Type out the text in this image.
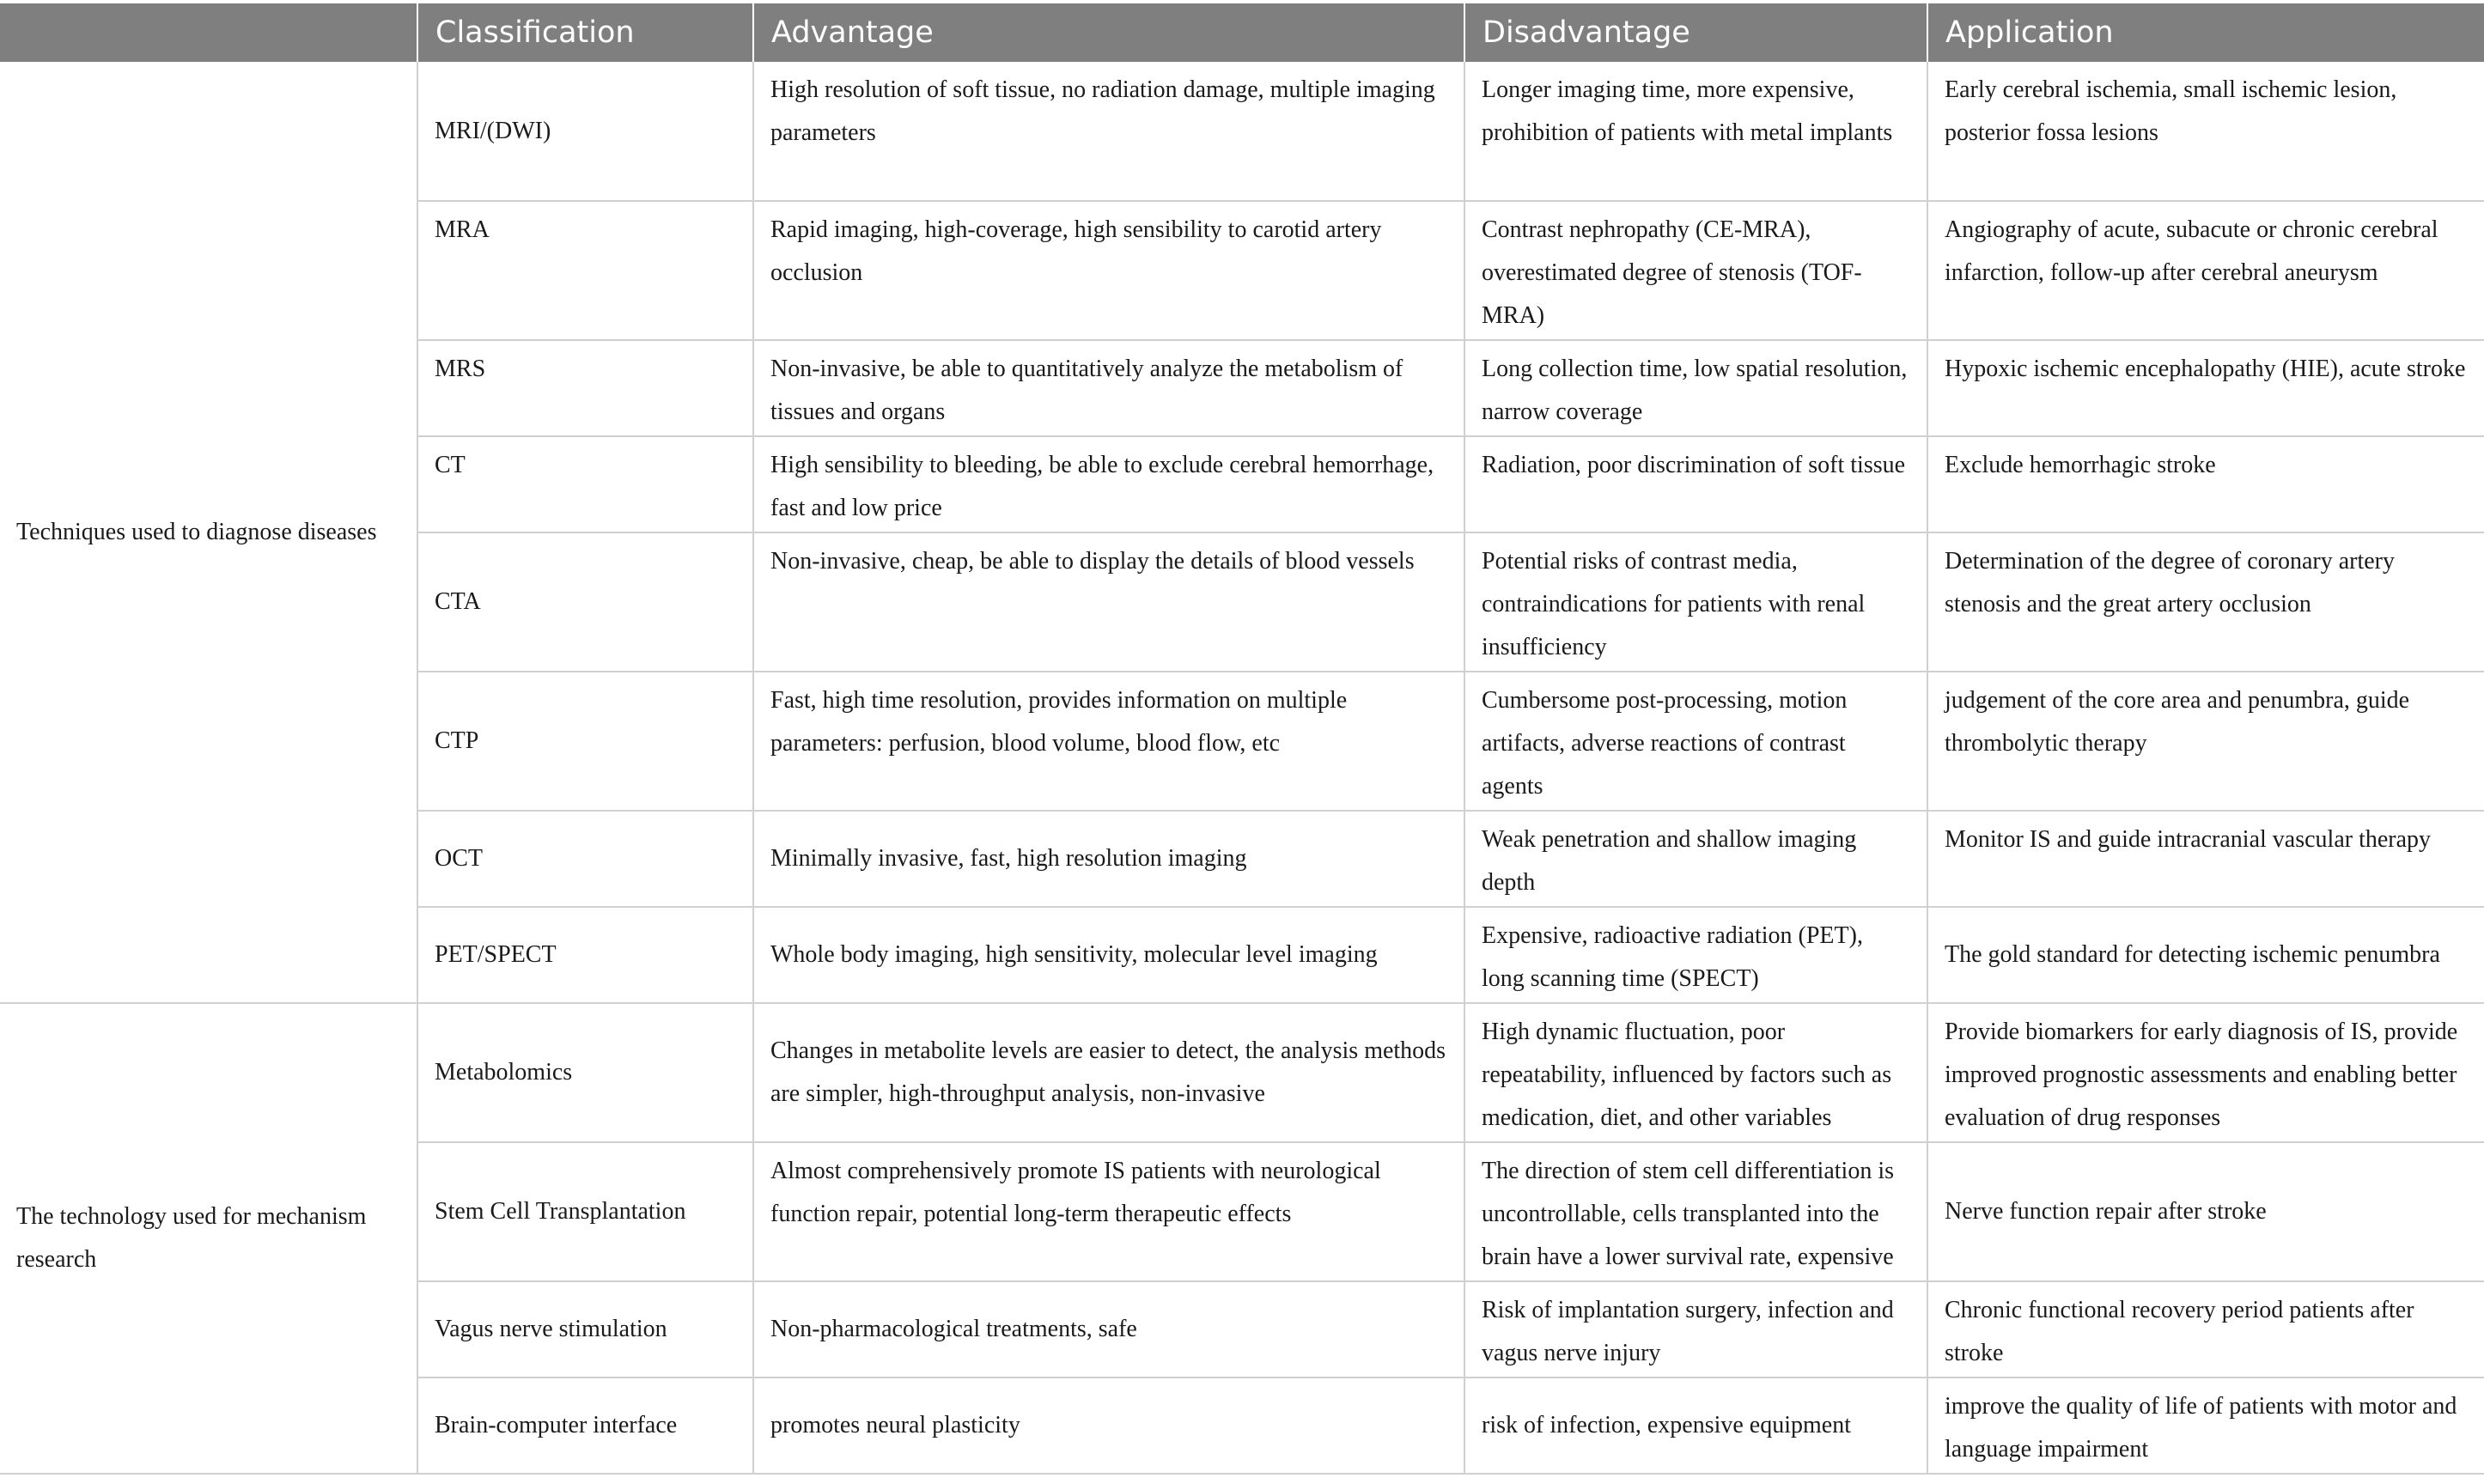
	Classification	Advantage	Disadvantage	Application
Techniques used to diagnose diseases	MRI/(DWI)	High resolution of soft tissue, no radiation damage, multiple imaging parameters	Longer imaging time, more expensive, prohibition of patients with metal implants	Early cerebral ischemia, small ischemic lesion, posterior fossa lesions
	MRA	Rapid imaging, high-coverage, high sensibility to carotid artery occlusion	Contrast nephropathy (CE-MRA), overestimated degree of stenosis (TOF-MRA)	Angiography of acute, subacute or chronic cerebral infarction, follow-up after cerebral aneurysm
	MRS	Non-invasive, be able to quantitatively analyze the metabolism of tissues and organs	Long collection time, low spatial resolution, narrow coverage	Hypoxic ischemic encephalopathy (HIE), acute stroke
	CT	High sensibility to bleeding, be able to exclude cerebral hemorrhage, fast and low price	Radiation, poor discrimination of soft tissue	Exclude hemorrhagic stroke
	CTA	Non-invasive, cheap, be able to display the details of blood vessels	Potential risks of contrast media, contraindications for patients with renal insufficiency	Determination of the degree of coronary artery stenosis and the great artery occlusion
	CTP	Fast, high time resolution, provides information on multiple parameters: perfusion, blood volume, blood flow, etc	Cumbersome post-processing, motion artifacts, adverse reactions of contrast agents	judgement of the core area and penumbra, guide thrombolytic therapy
	OCT	Minimally invasive, fast, high resolution imaging	Weak penetration and shallow imaging depth	Monitor IS and guide intracranial vascular therapy
	PET/SPECT	Whole body imaging, high sensitivity, molecular level imaging	Expensive, radioactive radiation (PET), long scanning time (SPECT)	The gold standard for detecting ischemic penumbra
The technology used for mechanism research	Metabolomics	Changes in metabolite levels are easier to detect, the analysis methods are simpler, high-throughput analysis, non-invasive	High dynamic fluctuation, poor repeatability, influenced by factors such as medication, diet, and other variables	Provide biomarkers for early diagnosis of IS, provide improved prognostic assessments and enabling better evaluation of drug responses
	Stem Cell Transplantation	Almost comprehensively promote IS patients with neurological function repair, potential long-term therapeutic effects	The direction of stem cell differentiation is uncontrollable, cells transplanted into the brain have a lower survival rate, expensive	Nerve function repair after stroke
	Vagus nerve stimulation	Non-pharmacological treatments, safe	Risk of implantation surgery, infection and vagus nerve injury	Chronic functional recovery period patients after stroke
	Brain-computer interface	promotes neural plasticity	risk of infection, expensive equipment	improve the quality of life of patients with motor and language impairment
